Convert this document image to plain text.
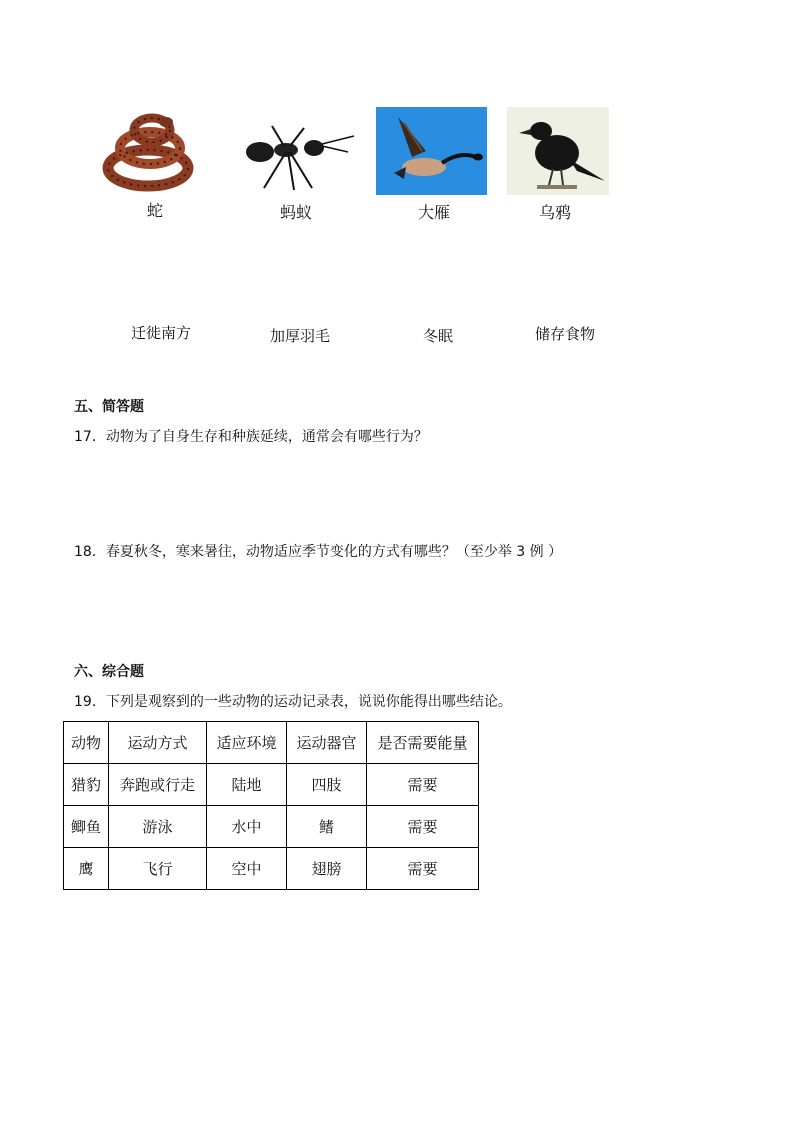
蛇	蚂蚁	大雁	乌鸦
迁徙南方	加厚羽毛	冬眠	储存食物
五、简答题
17．动物为了自身生存和种族延续，通常会有哪些行为？
18．春夏秋冬，寒来暑往，动物适应季节变化的方式有哪些？（至少举 3 例 ）
六、综合题
19．下列是观察到的一些动物的运动记录表，说说你能得出哪些结论。
动物	运动方式	适应环境	运动器官	是否需要能量
猎豹	奔跑或行走	陆地	四肢	需要
鲫鱼	游泳	水中	鳍	需要
鹰	飞行	空中	翅膀	需要
